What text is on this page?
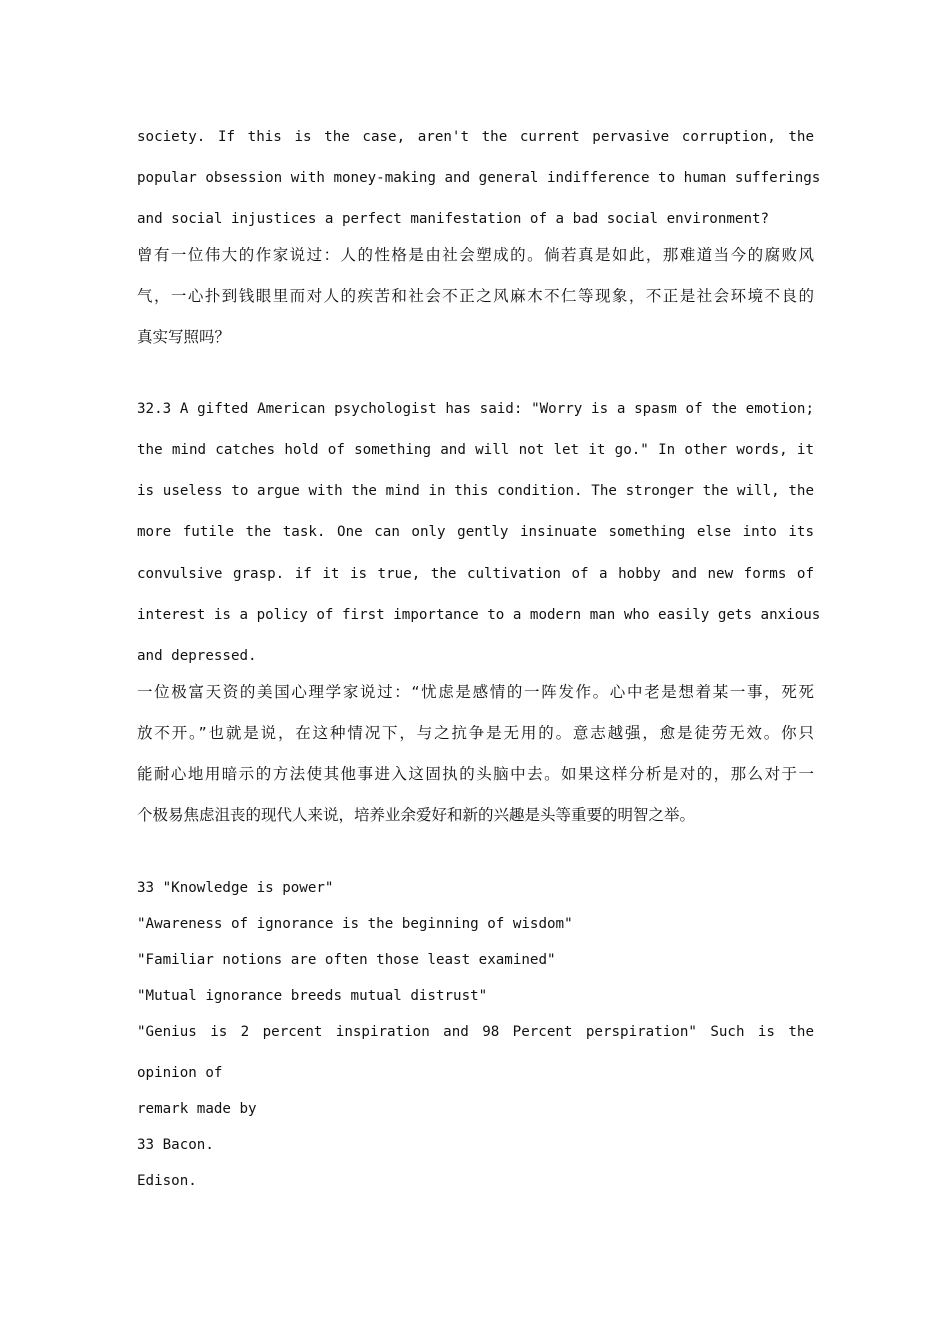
society. If this is the case, aren't the current pervasive corruption, the

popular obsession with money-making and general indifference to human sufferings

and social injustices a perfect manifestation of a bad social environment?

曾有一位伟大的作家说过：人的性格是由社会塑成的。倘若真是如此，那难道当今的腐败风

气，一心扑到钱眼里而对人的疾苦和社会不正之风麻木不仁等现象，不正是社会环境不良的

真实写照吗？

32.3 A gifted American psychologist has said: "Worry is a spasm of the emotion;

the mind catches hold of something and will not let it go." In other words, it

is useless to argue with the mind in this condition. The stronger the will, the

more futile the task. One can only gently insinuate something else into its

convulsive grasp. if it is true, the cultivation of a hobby and new forms of

interest is a policy of first importance to a modern man who easily gets anxious

and depressed.

一位极富天资的美国心理学家说过：“忧虑是感情的一阵发作。心中老是想着某一事，死死

放不开。”也就是说，在这种情况下，与之抗争是无用的。意志越强，愈是徒劳无效。你只

能耐心地用暗示的方法使其他事进入这固执的头脑中去。如果这样分析是对的，那么对于一

个极易焦虑沮丧的现代人来说，培养业余爱好和新的兴趣是头等重要的明智之举。

33 "Knowledge is power"

"Awareness of ignorance is the beginning of wisdom"

"Familiar notions are often those least examined"

"Mutual ignorance breeds mutual distrust"

"Genius is 2 percent inspiration and 98 Percent perspiration" Such is the

opinion of

remark made by

33 Bacon.

Edison.
